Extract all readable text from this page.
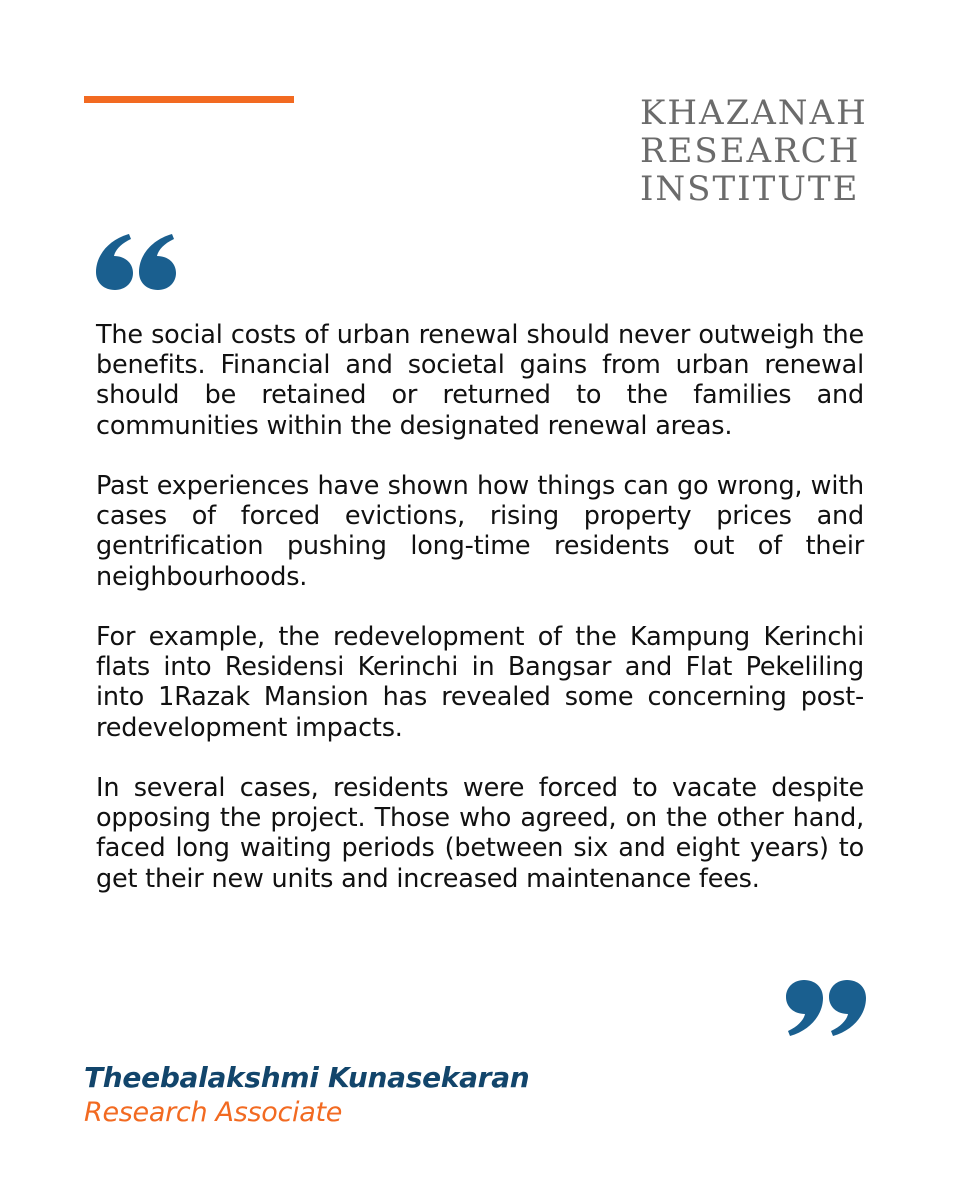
KHAZANAH
RESEARCH
INSTITUTE

The social costs of urban renewal should never outweigh the benefits. Financial and societal gains from urban renewal should be retained or returned to the families and communities within the designated renewal areas.

Past experiences have shown how things can go wrong, with cases of forced evictions, rising property prices and gentrification pushing long-time residents out of their neighbourhoods.

For example, the redevelopment of the Kampung Kerinchi flats into Residensi Kerinchi in Bangsar and Flat Pekeliling into 1Razak Mansion has revealed some concerning post-redevelopment impacts.

In several cases, residents were forced to vacate despite opposing the project. Those who agreed, on the other hand, faced long waiting periods (between six and eight years) to get their new units and increased maintenance fees.

Theebalakshmi Kunasekaran
Research Associate
